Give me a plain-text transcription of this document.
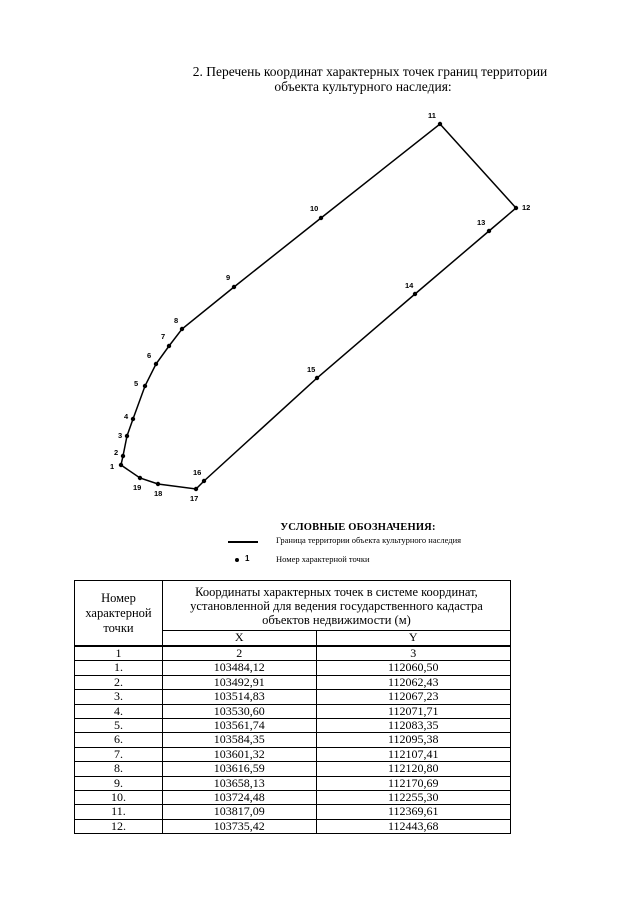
2. Перечень координат характерных точек границ территории
объекта культурного наследия:
1
2
3
4
5
6
7
8
9
10
11
12
13
14
15
16
17
18
19
УСЛОВНЫЕ ОБОЗНАЧЕНИЯ:
Граница территории объекта культурного наследия
1	Номер характерной точки
Номер характерной точки	Координаты характерных точек в системе координат, установленной для ведения государственного кадастра объектов недвижимости (м)	
	X	Y
1	2	3
1.	103484,12	112060,50
2.	103492,91	112062,43
3.	103514,83	112067,23
4.	103530,60	112071,71
5.	103561,74	112083,35
6.	103584,35	112095,38
7.	103601,32	112107,41
8.	103616,59	112120,80
9.	103658,13	112170,69
10.	103724,48	112255,30
11.	103817,09	112369,61
12.	103735,42	112443,68
